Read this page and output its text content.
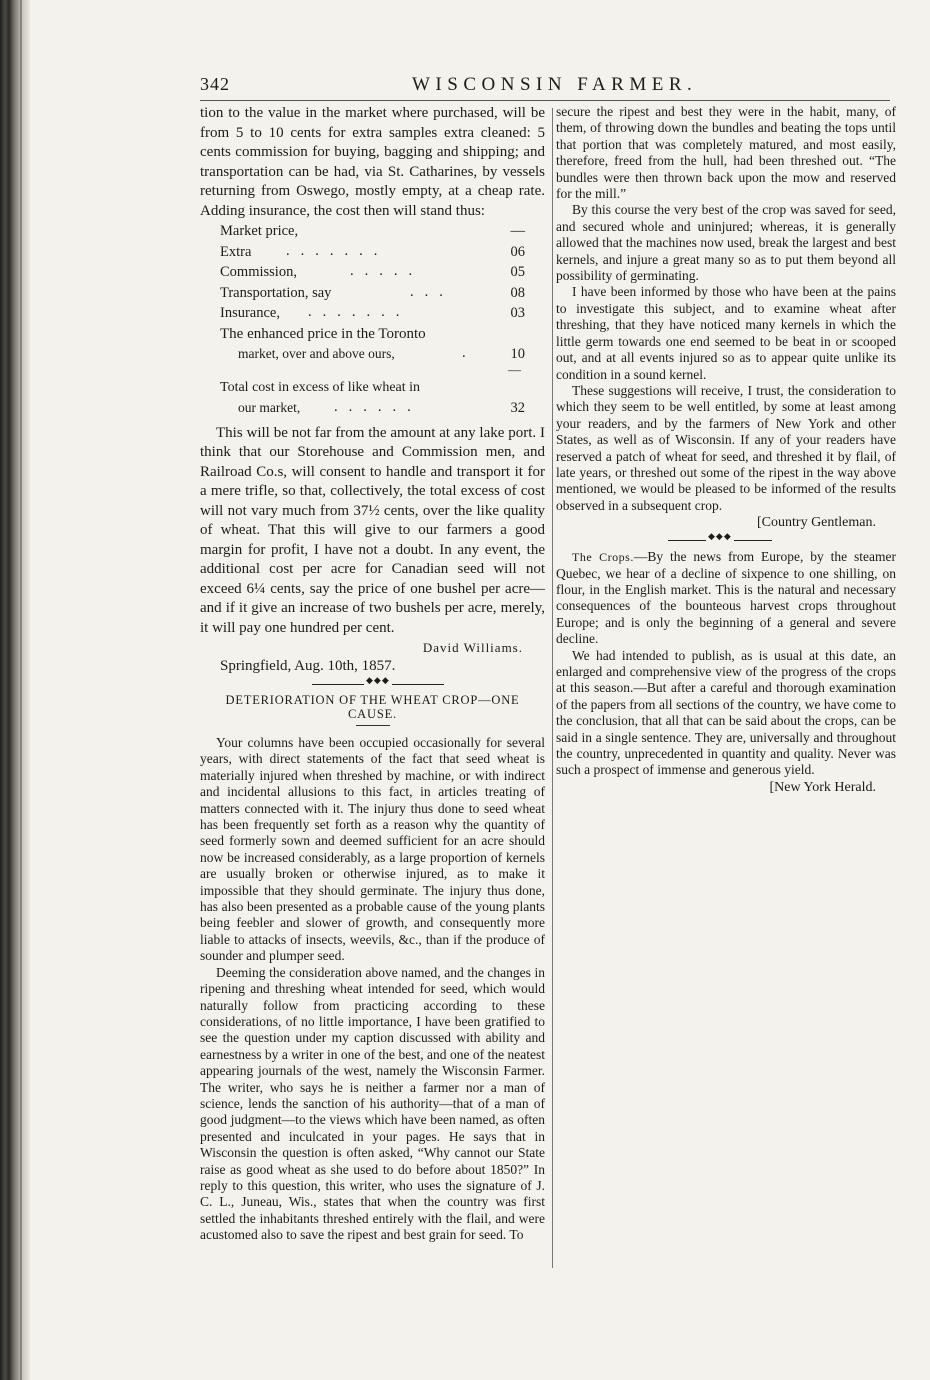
342	WISCONSIN FARMER.

tion to the value in the market where purchased, will be from 5 to 10 cents for extra samples extra cleaned: 5 cents commission for buying, bagging and shipping; and transportation can be had, via St. Catharines, by vessels returning from Oswego, mostly empty, at a cheap rate. Adding insurance, the cost then will stand thus:

Market price,	—
Extra .......	06
Commission,	.....	05
Transportation, say	...	08
Insurance, .......	03
The enhanced price in the Toronto
market, over and above ours,	. 10
—
Total cost in excess of like wheat in
our market, ......	32

This will be not far from the amount at any lake port. I think that our Storehouse and Commission men, and Railroad Co.s, will consent to handle and transport it for a mere trifle, so that, collectively, the total excess of cost will not vary much from 37½ cents, over the like quality of wheat. That this will give to our farmers a good margin for profit, I have not a doubt. In any event, the additional cost per acre for Canadian seed will not exceed 6¼ cents, say the price of one bushel per acre—and if it give an increase of two bushels per acre, merely, it will pay one hundred per cent.

David Williams.
Springfield, Aug. 10th, 1857.
◆◆◆
DETERIORATION OF THE WHEAT CROP—ONE CAUSE.

Your columns have been occupied occasionally for several years, with direct statements of the fact that seed wheat is materially injured when threshed by machine, or with indirect and incidental allusions to this fact, in articles treating of matters connected with it. The injury thus done to seed wheat has been frequently set forth as a reason why the quantity of seed formerly sown and deemed sufficient for an acre should now be increased considerably, as a large proportion of kernels are usually broken or otherwise injured, as to make it impossible that they should germinate. The injury thus done, has also been presented as a probable cause of the young plants being feebler and slower of growth, and consequently more liable to attacks of insects, weevils, &c., than if the produce of sounder and plumper seed.

Deeming the consideration above named, and the changes in ripening and threshing wheat intended for seed, which would naturally follow from practicing according to these considerations, of no little importance, I have been gratified to see the question under my caption discussed with ability and earnestness by a writer in one of the best, and one of the neatest appearing journals of the west, namely the Wisconsin Farmer. The writer, who says he is neither a farmer nor a man of science, lends the sanction of his authority—that of a man of good judgment—to the views which have been named, as often presented and inculcated in your pages. He says that in Wisconsin the question is often asked, “Why cannot our State raise as good wheat as she used to do before about 1850?” In reply to this question, this writer, who uses the signature of J. C. L., Juneau, Wis., states that when the country was first settled the inhabitants threshed entirely with the flail, and were acustomed also to save the ripest and best grain for seed. To

secure the ripest and best they were in the habit, many, of them, of throwing down the bundles and beating the tops until that portion that was completely matured, and most easily, therefore, freed from the hull, had been threshed out. “The bundles were then thrown back upon the mow and reserved for the mill.”

By this course the very best of the crop was saved for seed, and secured whole and uninjured; whereas, it is generally allowed that the machines now used, break the largest and best kernels, and injure a great many so as to put them beyond all possibility of germinating.

I have been informed by those who have been at the pains to investigate this subject, and to examine wheat after threshing, that they have noticed many kernels in which the little germ towards one end seemed to be beat in or scooped out, and at all events injured so as to appear quite unlike its condition in a sound kernel.

These suggestions will receive, I trust, the consideration to which they seem to be well entitled, by some at least among your readers, and by the farmers of New York and other States, as well as of Wisconsin. If any of your readers have reserved a patch of wheat for seed, and threshed it by flail, of late years, or threshed out some of the ripest in the way above mentioned, we would be pleased to be informed of the results observed in a subsequent crop.

[Country Gentleman.
◆◆◆

The Crops.—By the news from Europe, by the steamer Quebec, we hear of a decline of sixpence to one shilling, on flour, in the English market. This is the natural and necessary consequences of the bounteous harvest crops throughout Europe; and is only the beginning of a general and severe decline.

We had intended to publish, as is usual at this date, an enlarged and comprehensive view of the progress of the crops at this season.—But after a careful and thorough examination of the papers from all sections of the country, we have come to the conclusion, that all that can be said about the crops, can be said in a single sentence. They are, universally and throughout the country, unprecedented in quantity and quality. Never was such a prospect of immense and generous yield.

[New York Herald.
